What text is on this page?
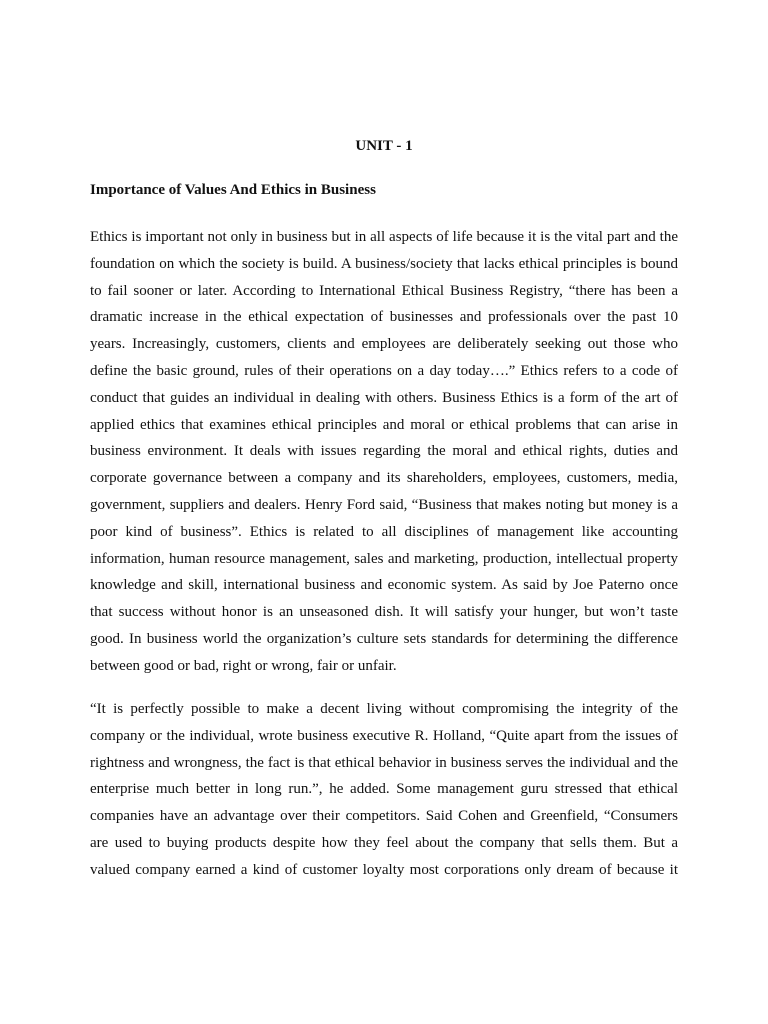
UNIT - 1
Importance of Values And Ethics in Business
Ethics is important not only in business but in all aspects of life because it is the vital part and the
foundation on which the society is build. A business/society that lacks ethical principles is bound
to fail sooner or later. According to International Ethical Business Registry, “there has been a
dramatic increase in the ethical expectation of businesses and professionals over the past 10
years. Increasingly, customers, clients and employees are deliberately seeking out those who
define the basic ground, rules of their operations on a day today….” Ethics refers to a code of
conduct that guides an individual in dealing with others. Business Ethics is a form of the art of
applied ethics that examines ethical principles and moral or ethical problems that can arise in
business environment. It deals with issues regarding the moral and ethical rights, duties and
corporate governance between a company and its shareholders, employees, customers, media,
government, suppliers and dealers. Henry Ford said, “Business that makes noting but money is a
poor kind of business”. Ethics is related to all disciplines of management like accounting
information, human resource management, sales and marketing, production, intellectual property
knowledge and skill, international business and economic system. As said by Joe Paterno once
that success without honor is an unseasoned dish. It will satisfy your hunger, but won’t taste
good. In business world the organization’s culture sets standards for determining the difference
between good or bad, right or wrong, fair or unfair.
“It is perfectly possible to make a decent living without compromising the integrity of the
company or the individual, wrote business executive R. Holland, “Quite apart from the issues of
rightness and wrongness, the fact is that ethical behavior in business serves the individual and the
enterprise much better in long run.”, he added. Some management guru stressed that ethical
companies have an advantage over their competitors. Said Cohen and Greenfield, “Consumers
are used to buying products despite how they feel about the company that sells them. But a
valued company earned a kind of customer loyalty most corporations only dream of because it
